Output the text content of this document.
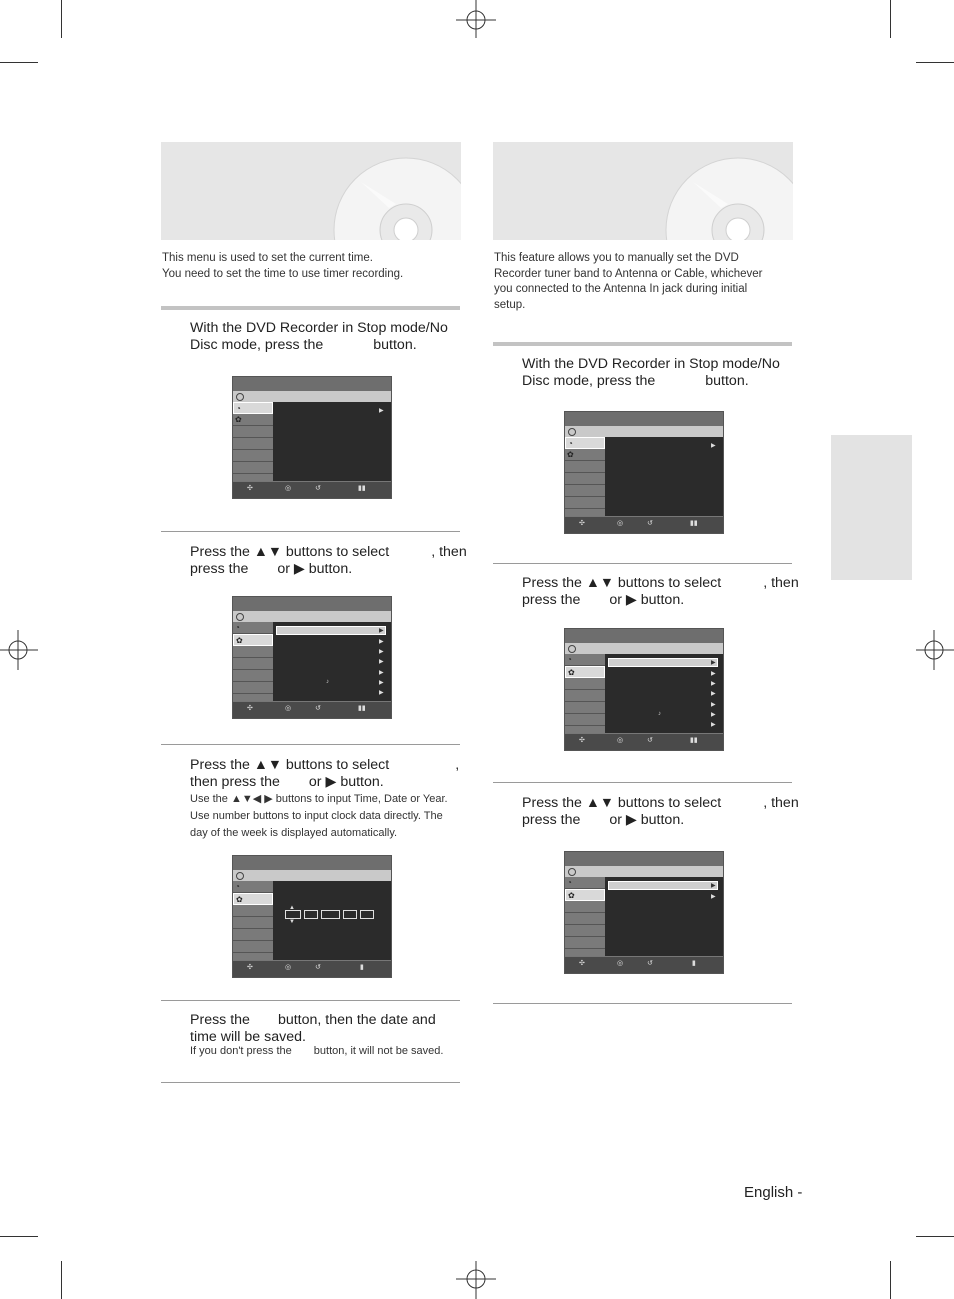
This menu is used to set the current time.
You need to set the time to use timer recording.
With the DVD Recorder in Stop mode/No
Disc mode, press the	button.
◔
✿
▶
✣	◎	↺	▮▮
Press the ▲▼ buttons to select	, then
press the or ▶ button.
◔
✿
▶
▶
▶
▶
▶
▶
▶
♪
✣	◎	↺	▮▮
Press the ▲▼ buttons to select	,
then press the or ▶ button.
Use the ▲▼◀ ▶ buttons to input Time, Date or Year.
Use number buttons to input clock data directly. The
day of the week is displayed automatically.
◔
✿
▲
▼
✣	◎	↺	▮
Press the button, then the date and
time will be saved.
If you don't press the button, it will not be saved.
This feature allows you to manually set the DVD
Recorder tuner band to Antenna or Cable, whichever
you connected to the Antenna In jack during initial
setup.
With the DVD Recorder in Stop mode/No
Disc mode, press the	button.
◔
✿
▶
✣	◎	↺	▮▮
Press the ▲▼ buttons to select	, then
press the or ▶ button.
◔
✿
▶
▶
▶
▶
▶
▶
▶
♪
✣	◎	↺	▮▮
Press the ▲▼ buttons to select	, then
press the or ▶ button.
◔
✿
▶
▶
✣	◎	↺	▮
English -
